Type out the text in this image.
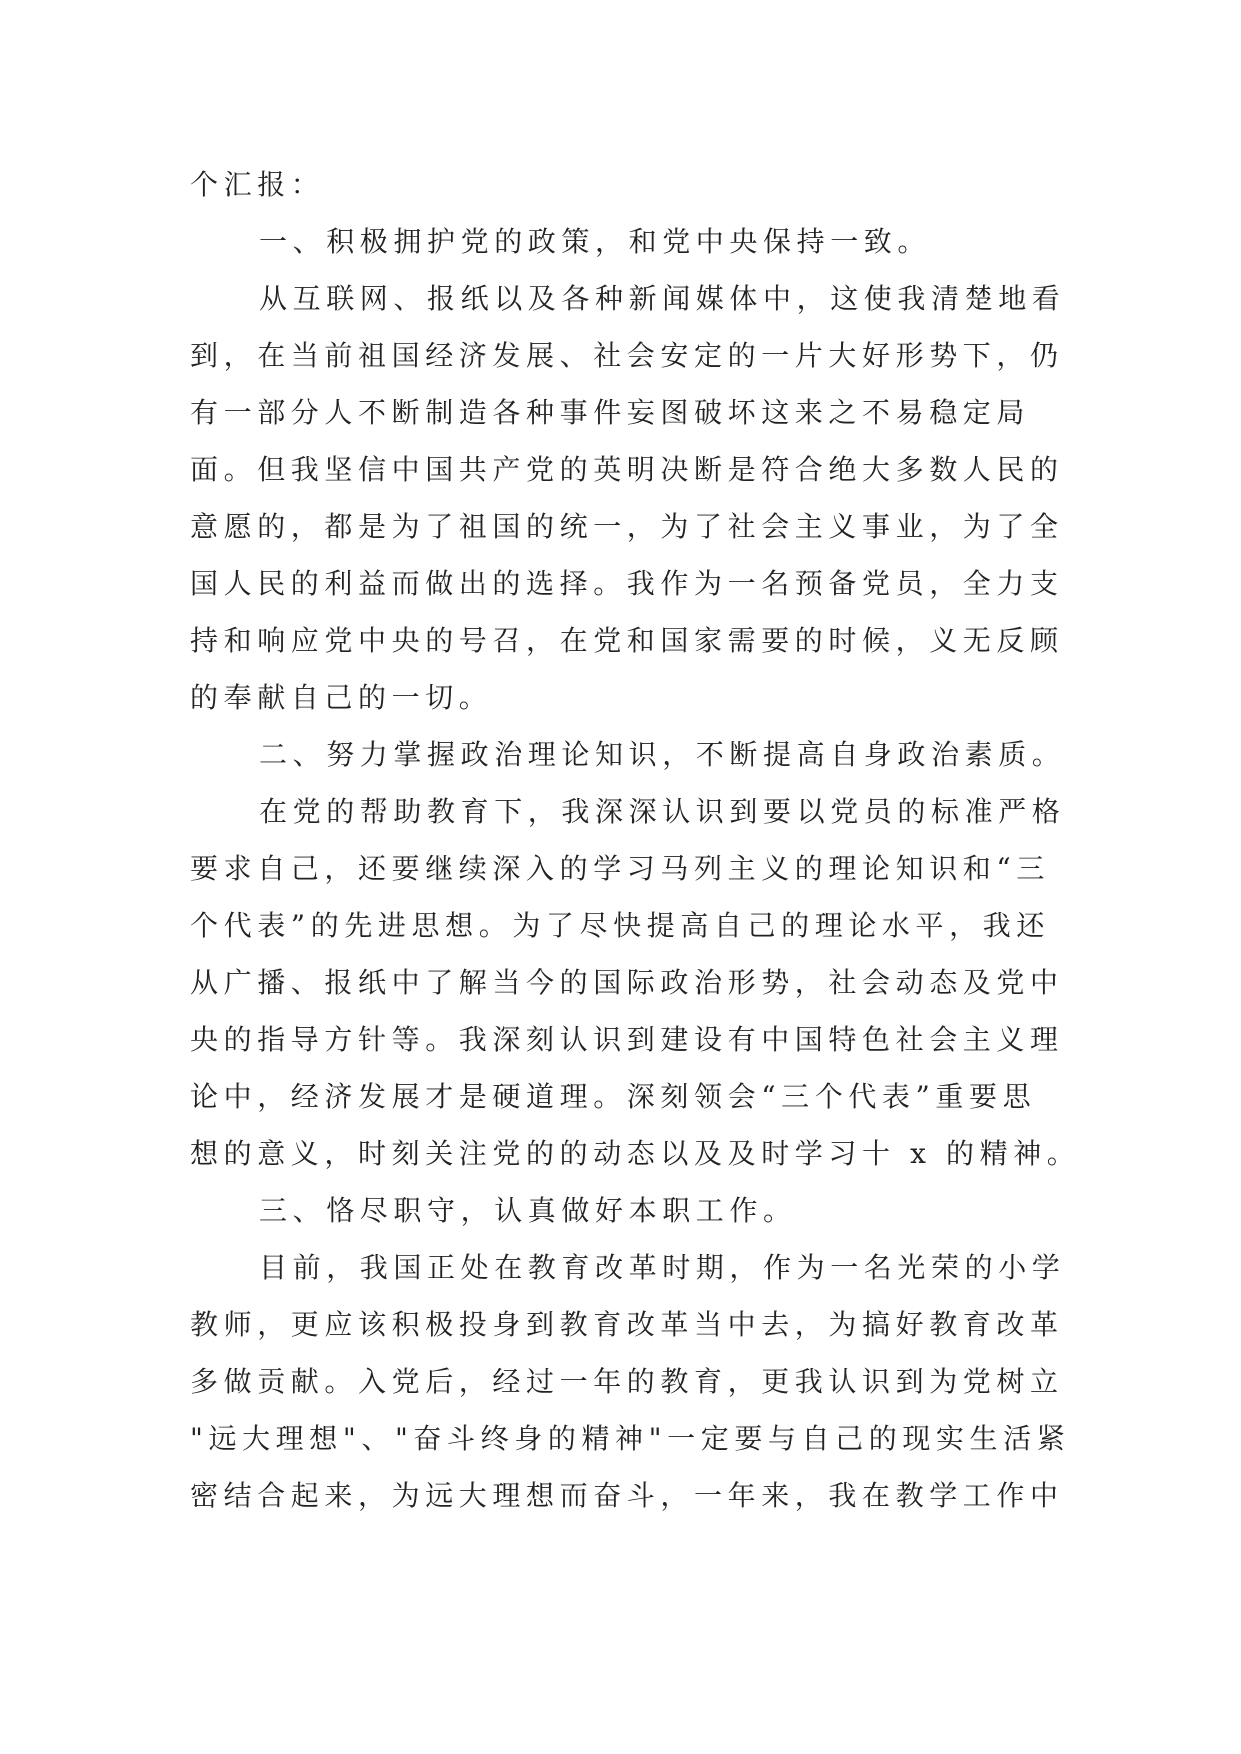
个汇报：
一、积极拥护党的政策，和党中央保持一致。
从互联网、报纸以及各种新闻媒体中，这使我清楚地看
到，在当前祖国经济发展、社会安定的一片大好形势下，仍
有一部分人不断制造各种事件妄图破坏这来之不易稳定局
面。但我坚信中国共产党的英明决断是符合绝大多数人民的
意愿的，都是为了祖国的统一，为了社会主义事业，为了全
国人民的利益而做出的选择。我作为一名预备党员，全力支
持和响应党中央的号召，在党和国家需要的时候，义无反顾
的奉献自己的一切。
二、努力掌握政治理论知识，不断提高自身政治素质。
在党的帮助教育下，我深深认识到要以党员的标准严格
要求自己，还要继续深入的学习马列主义的理论知识和“三
个代表”的先进思想。为了尽快提高自己的理论水平，我还
从广播、报纸中了解当今的国际政治形势，社会动态及党中
央的指导方针等。我深刻认识到建设有中国特色社会主义理
论中，经济发展才是硬道理。深刻领会“三个代表”重要思
想的意义，时刻关注党的的动态以及及时学习十 x 的精神。
三、恪尽职守，认真做好本职工作。
目前，我国正处在教育改革时期，作为一名光荣的小学
教师，更应该积极投身到教育改革当中去，为搞好教育改革
多做贡献。入党后，经过一年的教育，更我认识到为党树立
"远大理想"、"奋斗终身的精神"一定要与自己的现实生活紧
密结合起来，为远大理想而奋斗，一年来，我在教学工作中
